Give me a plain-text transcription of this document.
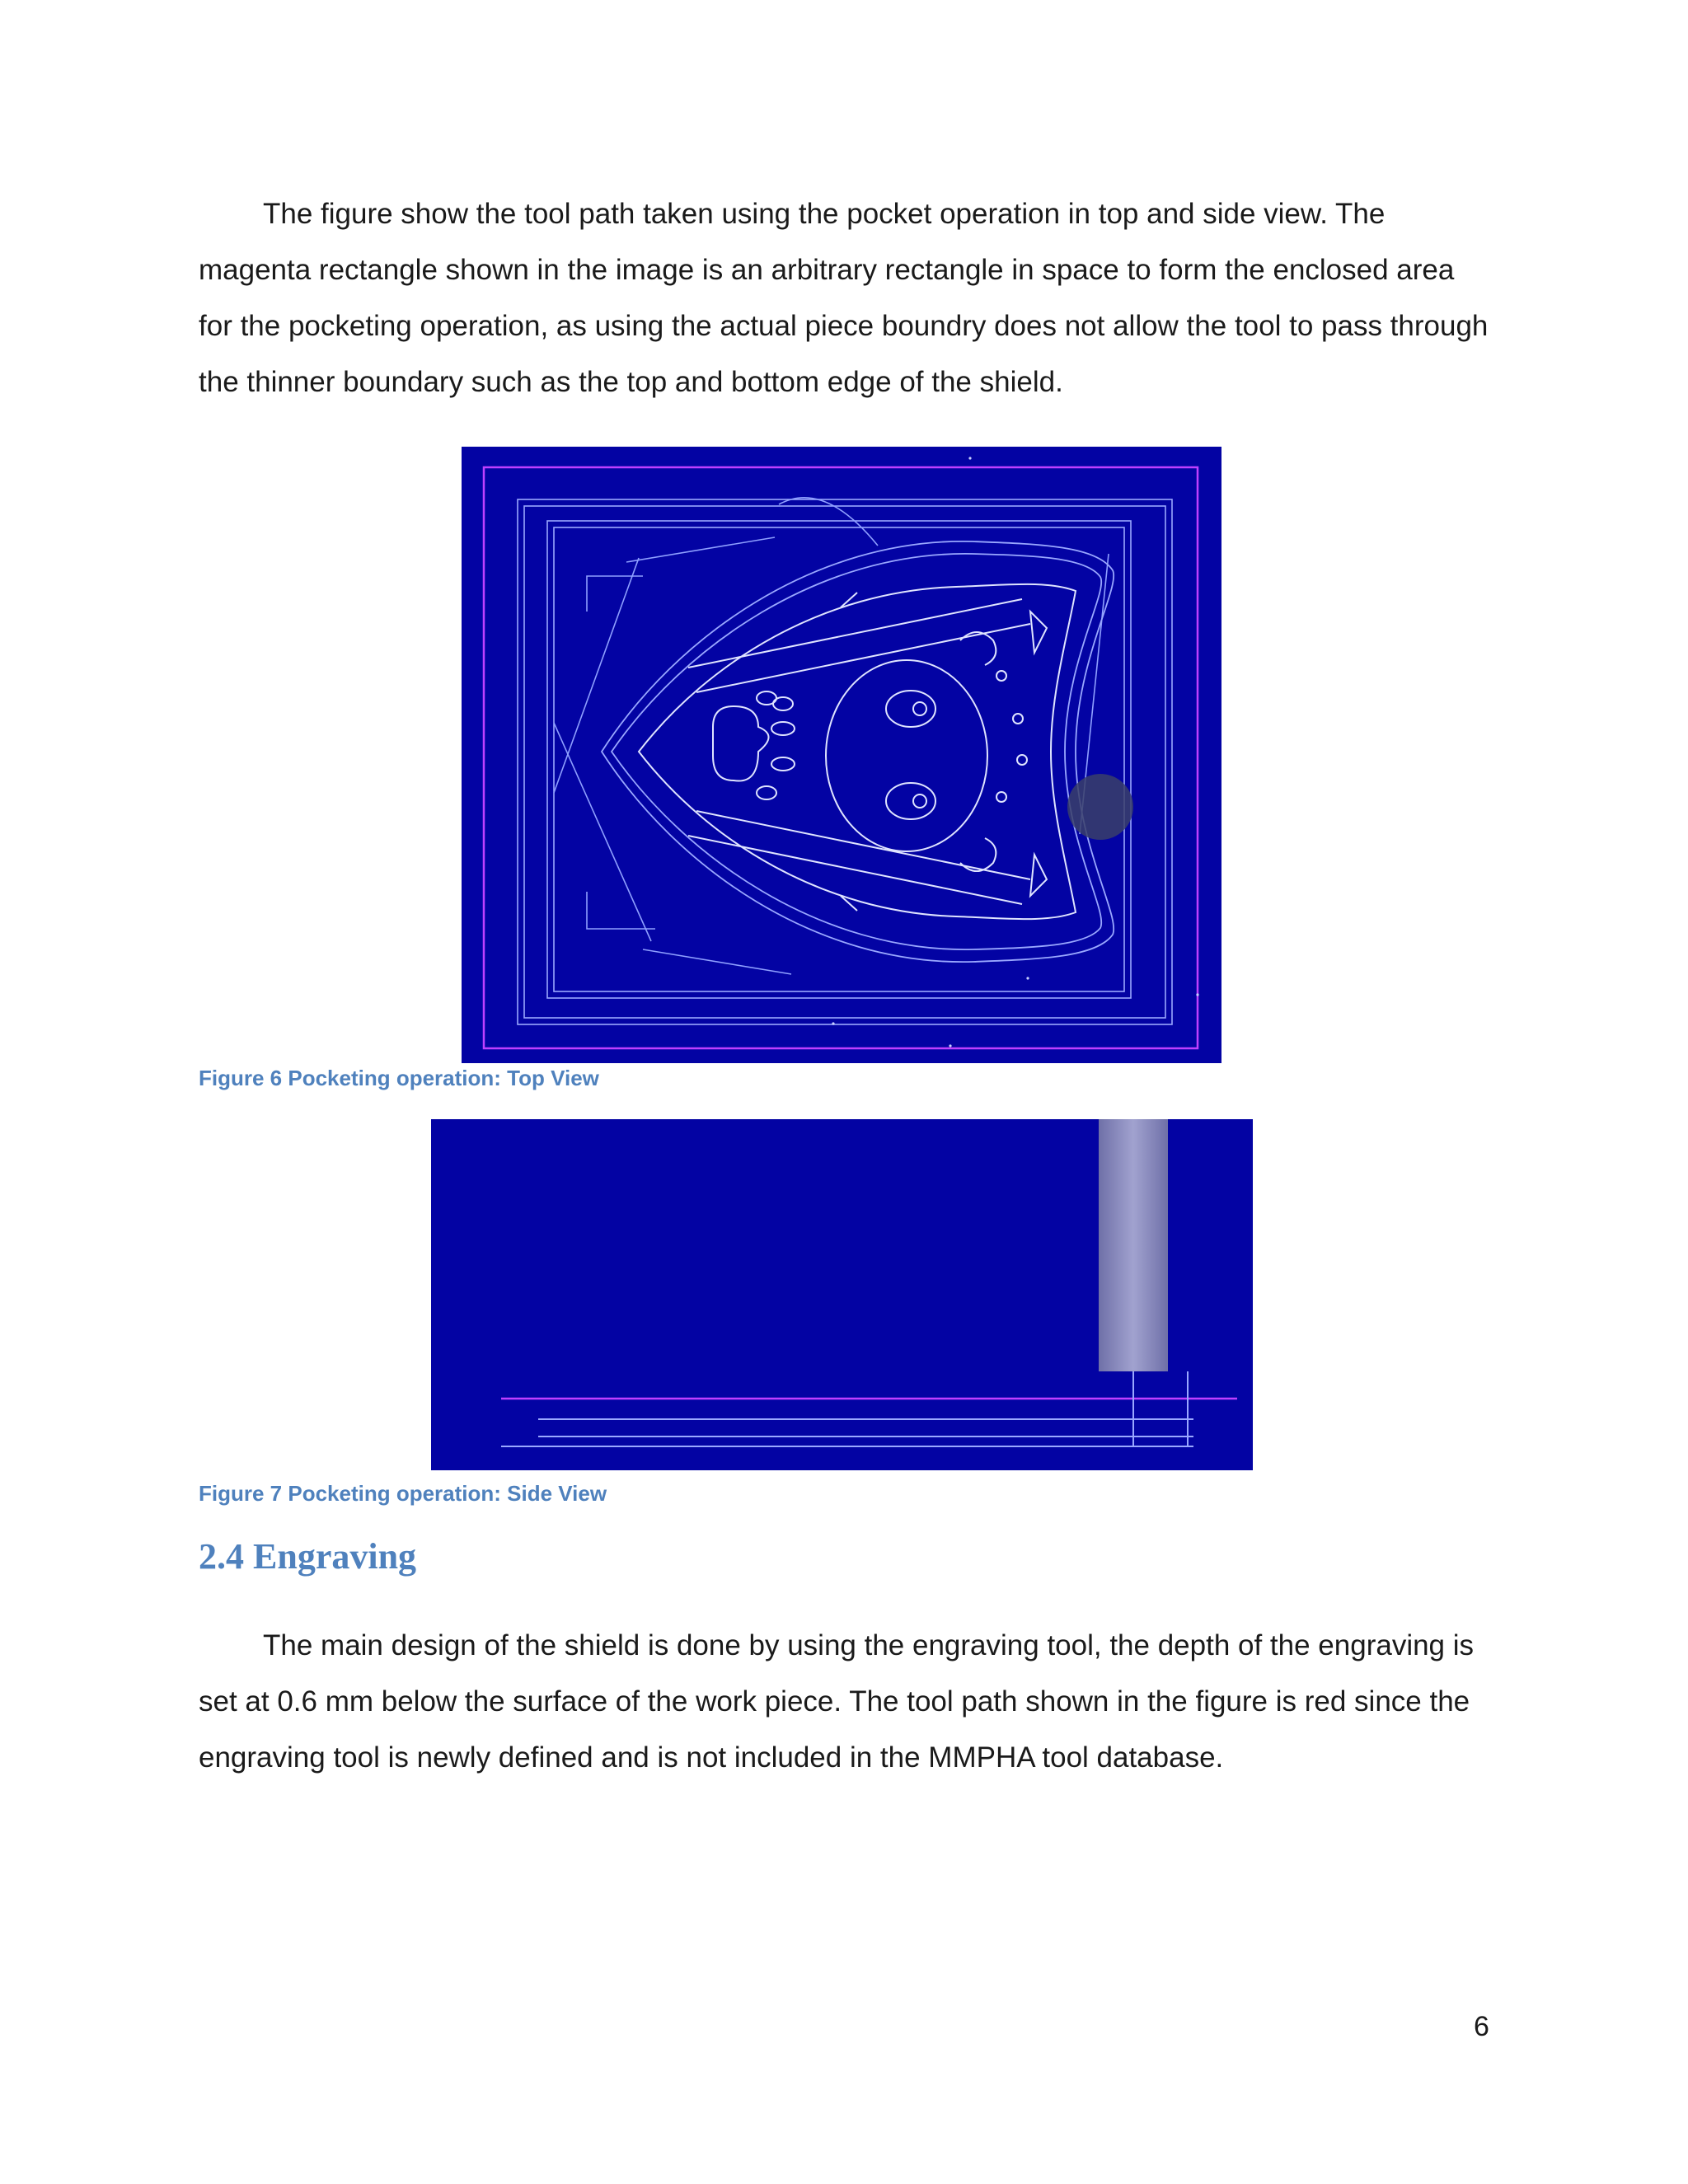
The figure show the tool path taken using the pocket operation in top and side view. The magenta rectangle shown in the image is an arbitrary rectangle in space to form the enclosed area for the pocketing operation, as using the actual piece boundry does not allow the tool to pass through the thinner boundary such as the top and bottom edge of the shield.

Figure 6 Pocketing operation: Top View
Figure 7 Pocketing operation: Side View
2.4 Engraving

The main design of the shield is done by using the engraving tool, the depth of the engraving is set at 0.6 mm below the surface of the work piece. The tool path shown in the figure is red since the engraving tool is newly defined and is not included in the MMPHA tool database.

6
